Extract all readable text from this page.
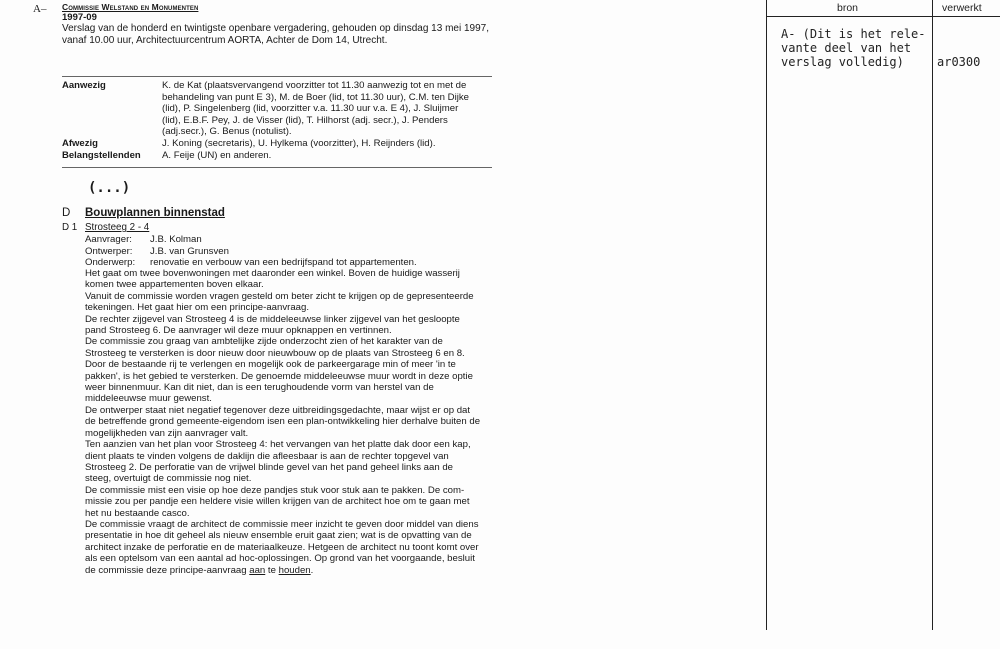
A– Commissie Welstand en Monumenten
1997-09
Verslag van de honderd en twintigste openbare vergadering, gehouden op dinsdag 13 mei 1997,
vanaf 10.00 uur, Architectuurcentrum AORTA, Achter de Dom 14, Utrecht.
Aanwezig	K. de Kat (plaatsvervangend voorzitter tot 11.30 aanwezig tot en met de
behandeling van punt E 3), M. de Boer (lid, tot 11.30 uur), C.M. ten Dijke
(lid), P. Singelenberg (lid, voorzitter v.a. 11.30 uur v.a. E 4), J. Sluijmer
(lid), E.B.F. Pey, J. de Visser (lid), T. Hilhorst (adj. secr.), J. Penders
(adj.secr.), G. Benus (notulist).
Afwezig	J. Koning (secretaris), U. Hylkema (voorzitter), H. Reijnders (lid).
Belangstellenden A. Feije (UN) en anderen.
(...)
D Bouwplannen binnenstad
D 1 Strosteeg 2 - 4
Aanvrager: J.B. Kolman
Ontwerper: J.B. van Grunsven
Onderwerp: renovatie en verbouw van een bedrijfspand tot appartementen.
Het gaat om twee bovenwoningen met daaronder een winkel. Boven de huidige wasserij
komen twee appartementen boven elkaar.
Vanuit de commissie worden vragen gesteld om beter zicht te krijgen op de gepresenteerde
tekeningen. Het gaat hier om een principe-aanvraag.
De rechter zijgevel van Strosteeg 4 is de middeleeuwse linker zijgevel van het gesloopte
pand Strosteeg 6. De aanvrager wil deze muur opknappen en vertinnen.
De commissie zou graag van ambtelijke zijde onderzocht zien of het karakter van de
Strosteeg te versterken is door nieuw door nieuwbouw op de plaats van Strosteeg 6 en 8.
Door de bestaande rij te verlengen en mogelijk ook de parkeergarage min of meer 'in te
pakken', is het gebied te versterken. De genoemde middeleeuwse muur wordt in deze optie
weer binnenmuur. Kan dit niet, dan is een terughoudende vorm van herstel van de
middeleeuwse muur gewenst.
De ontwerper staat niet negatief tegenover deze uitbreidingsgedachte, maar wijst er op dat
de betreffende grond gemeente-eigendom isen een plan-ontwikkeling hier derhalve buiten de
mogelijkheden van zijn aanvrager valt.
Ten aanzien van het plan voor Strosteeg 4: het vervangen van het platte dak door een kap,
dient plaats te vinden volgens de daklijn die afleesbaar is aan de rechter topgevel van
Strosteeg 2. De perforatie van de vrijwel blinde gevel van het pand geheel links aan de
steeg, overtuigt de commissie nog niet.
De commissie mist een visie op hoe deze pandjes stuk voor stuk aan te pakken. De com-
missie zou per pandje een heldere visie willen krijgen van de architect hoe om te gaan met
het nu bestaande casco.
De commissie vraagt de architect de commissie meer inzicht te geven door middel van diens
presentatie in hoe dit geheel als nieuw ensemble eruit gaat zien; wat is de opvatting van de
architect inzake de perforatie en de materiaalkeuze. Hetgeen de architect nu toont komt over
als een optelsom van een aantal ad hoc-oplossingen. Op grond van het voorgaande, besluit
de commissie deze principe-aanvraag aan te houden.
bron	verwerkt
A- (Dit is het rele-
vante deel van het
verslag volledig)	ar0300
